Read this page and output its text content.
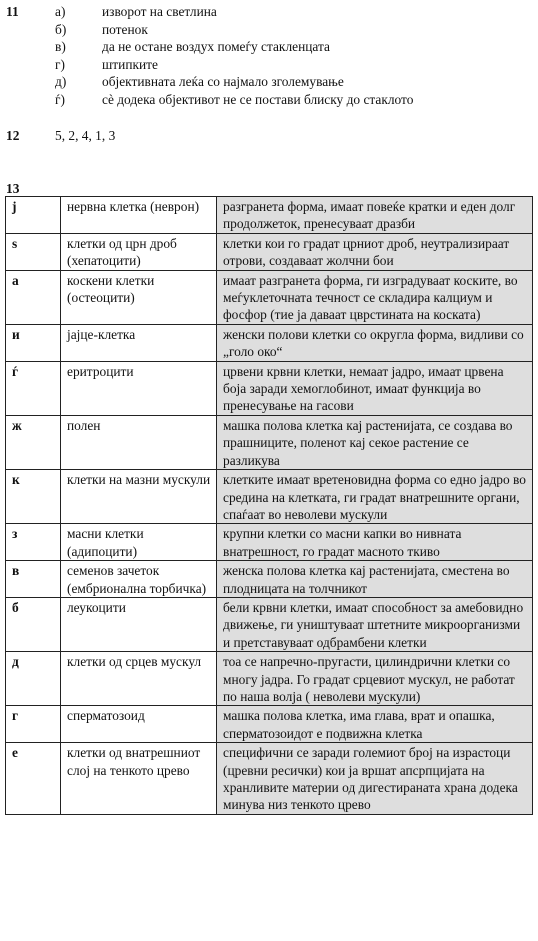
11	а)	изворот на светлина
б)	потенок
в)	да не остане воздух помеѓу стакленцата
г)	штипките
д)	објективната леќа со најмало зголемување
ѓ)	сè додека објективот не се постави блиску до стаклото
12	5, 2, 4, 1, 3
13
ј	нервна клетка (неврон)	разгранета форма, имаат повеќе кратки и еден долг продолжеток, пренесуваат дразби
s	клетки од црн дроб (хепатоцити)	клетки кои го градат црниот дроб, неутрализираат отрови, создаваат жолчни бои
а	коскени клетки (остеоцити)	имаат разгранета форма, ги изградуваат коските, во меѓуклеточната течност се складира калциум и фосфор (тие ја даваат цврстината на коската)
и	јајце-клетка	женски полови клетки со округла форма, видливи со „голо око“
ѓ	еритроцити	црвени крвни клетки, немаат јадро, имаат црвена боја заради хемоглобинот, имаат функција во пренесување на гасови
ж	полен	машка полова клетка кај растенијата, се создава во прашниците, поленот кај секое растение се разликува
к	клетки на мазни мускули	клетките имаат вретеновидна форма со едно јадро во средина на клетката, ги градат внатрешните органи, спаѓаат во неволеви мускули
з	масни клетки (адипоцити)	крупни клетки со масни капки во нивната внатрешност, го градат масното ткиво
в	семенов зачеток (ембрионална торбичка)	женска полова клетка кај растенијата, сместена во плодницата на толчникот
б	леукоцити	бели крвни клетки, имаат способност за амебовидно движење, ги уништуваат штетните микроорганизми и претставуваат одбрамбени клетки
д	клетки од срцев мускул	тоа се напречно-пругасти, цилиндрични клетки со многу јадра. Го градат срцевиот мускул, не работат по наша волја ( неволеви мускули)
г	сперматозоид	машка полова клетка, има глава, врат и опашка, сперматозоидот е подвижна клетка
е	клетки од внатрешниот слој на тенкото црево	специфични се заради големиот број на израстоци (цревни ресички) кои ја вршат апсрпцијата на хранливите материи од дигестираната храна додека минува низ тенкото црево
